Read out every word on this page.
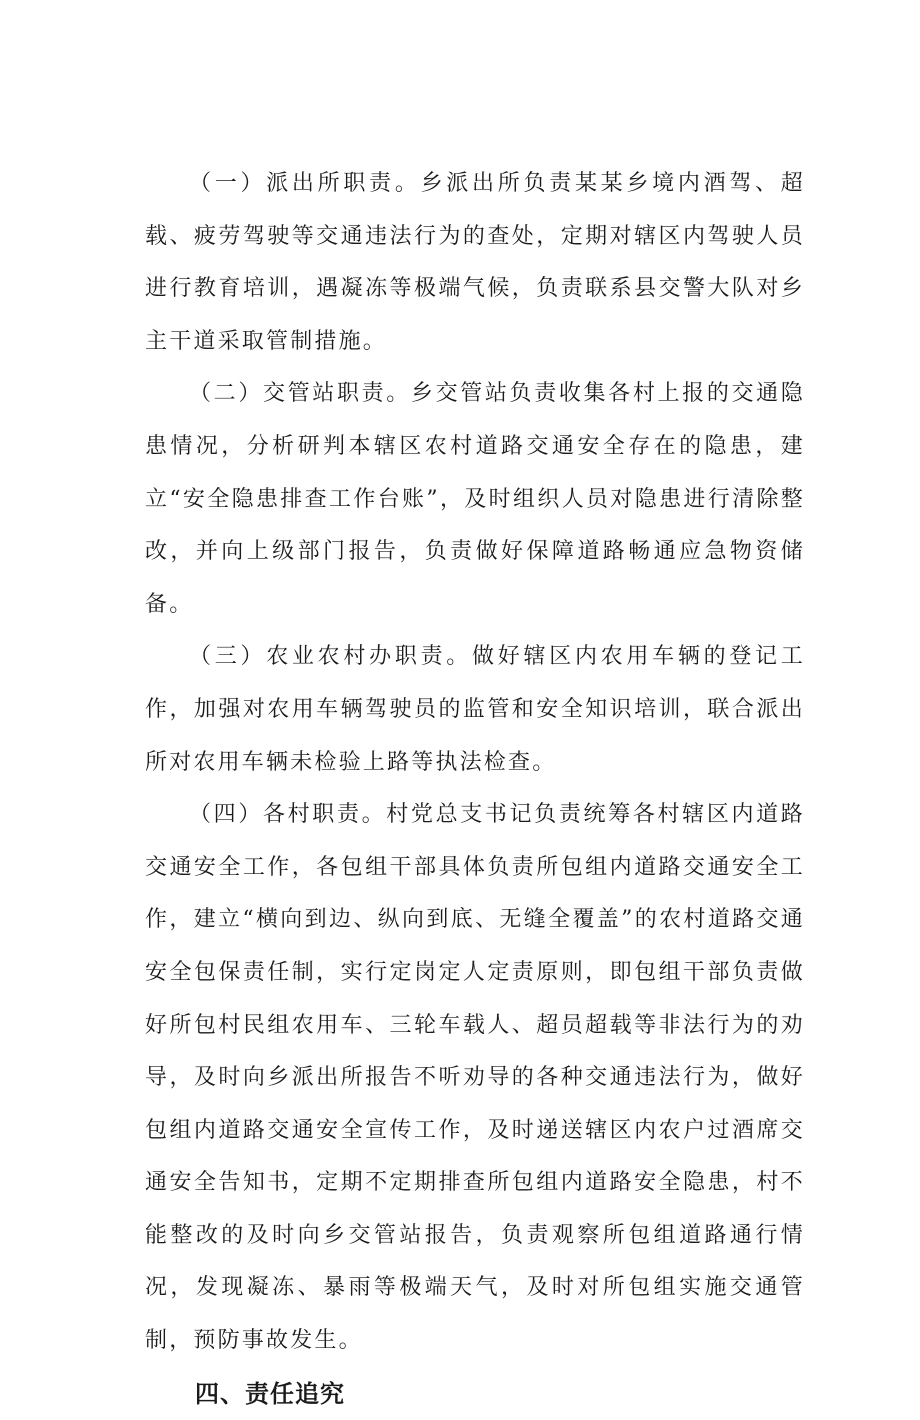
（一）派出所职责。乡派出所负责某某乡境内酒驾、超载、疲劳驾驶等交通违法行为的查处，定期对辖区内驾驶人员进行教育培训，遇凝冻等极端气候，负责联系县交警大队对乡主干道采取管制措施。

（二）交管站职责。乡交管站负责收集各村上报的交通隐患情况，分析研判本辖区农村道路交通安全存在的隐患，建立“安全隐患排查工作台账”，及时组织人员对隐患进行清除整改，并向上级部门报告，负责做好保障道路畅通应急物资储备。

（三）农业农村办职责。做好辖区内农用车辆的登记工作，加强对农用车辆驾驶员的监管和安全知识培训，联合派出所对农用车辆未检验上路等执法检查。

（四）各村职责。村党总支书记负责统筹各村辖区内道路交通安全工作，各包组干部具体负责所包组内道路交通安全工作，建立“横向到边、纵向到底、无缝全覆盖”的农村道路交通安全包保责任制，实行定岗定人定责原则，即包组干部负责做好所包村民组农用车、三轮车载人、超员超载等非法行为的劝导，及时向乡派出所报告不听劝导的各种交通违法行为，做好包组内道路交通安全宣传工作，及时递送辖区内农户过酒席交通安全告知书，定期不定期排查所包组内道路安全隐患，村不能整改的及时向乡交管站报告，负责观察所包组道路通行情况，发现凝冻、暴雨等极端天气，及时对所包组实施交通管制，预防事故发生。

四、责任追究
